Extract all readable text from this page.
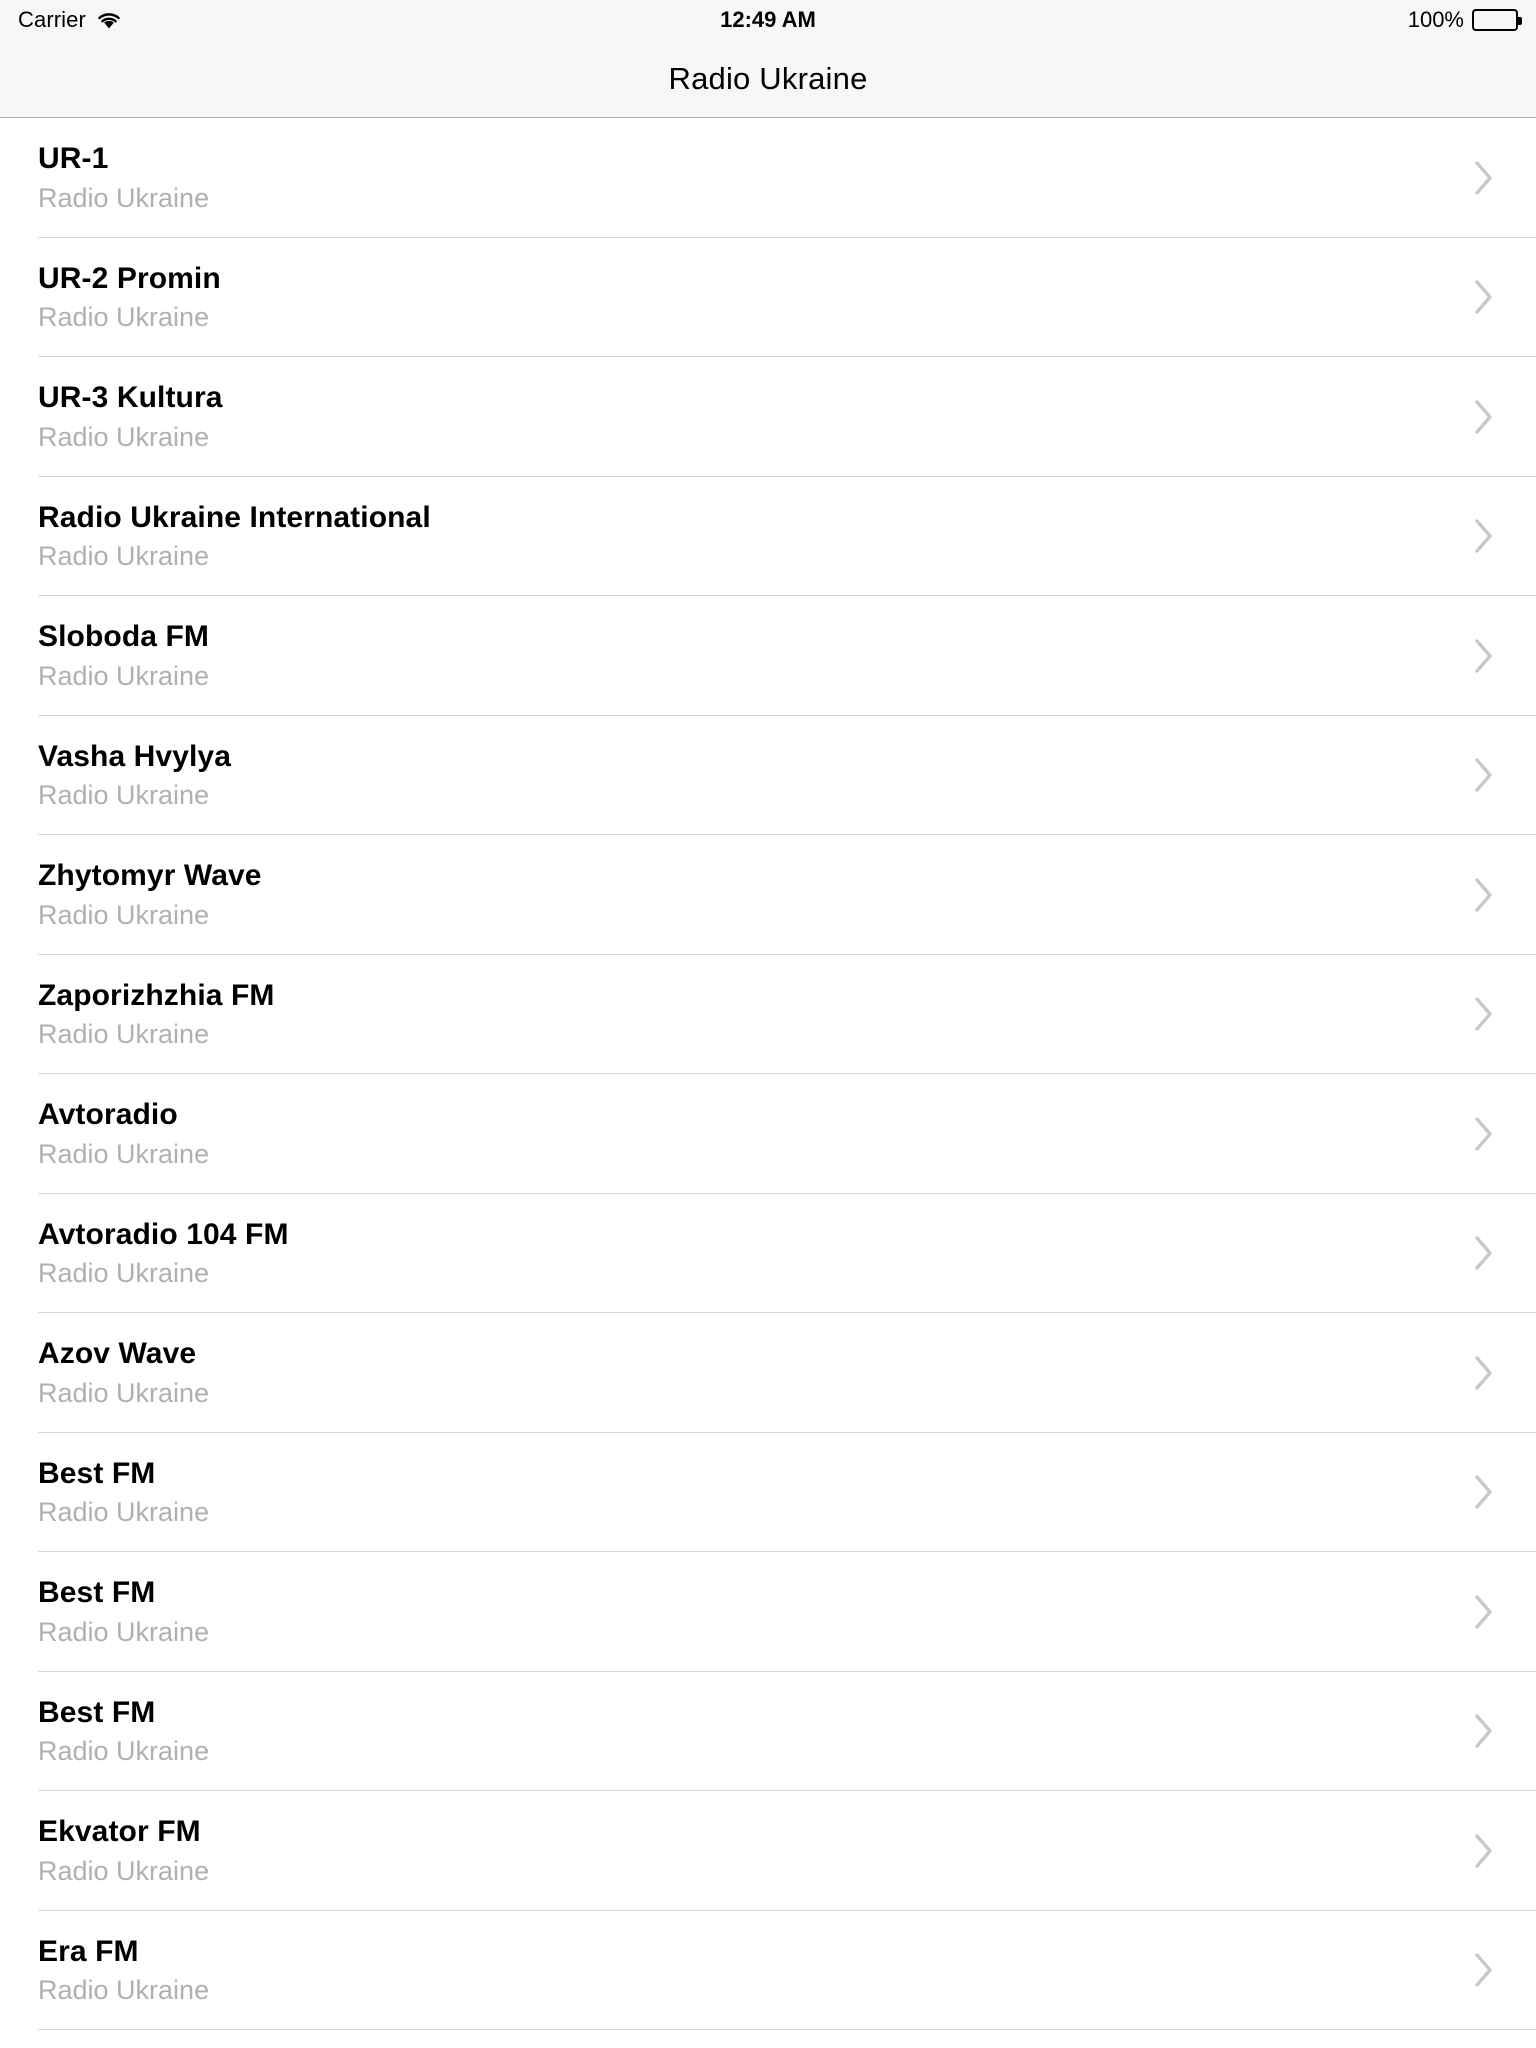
Carrier	12:49 AM	100%
Radio Ukraine
UR-1
Radio Ukraine
UR-2 Promin
Radio Ukraine
UR-3 Kultura
Radio Ukraine
Radio Ukraine International
Radio Ukraine
Sloboda FM
Radio Ukraine
Vasha Hvylya
Radio Ukraine
Zhytomyr Wave
Radio Ukraine
Zaporizhzhia FM
Radio Ukraine
Avtoradio
Radio Ukraine
Avtoradio 104 FM
Radio Ukraine
Azov Wave
Radio Ukraine
Best FM
Radio Ukraine
Best FM
Radio Ukraine
Best FM
Radio Ukraine
Ekvator FM
Radio Ukraine
Era FM
Radio Ukraine
